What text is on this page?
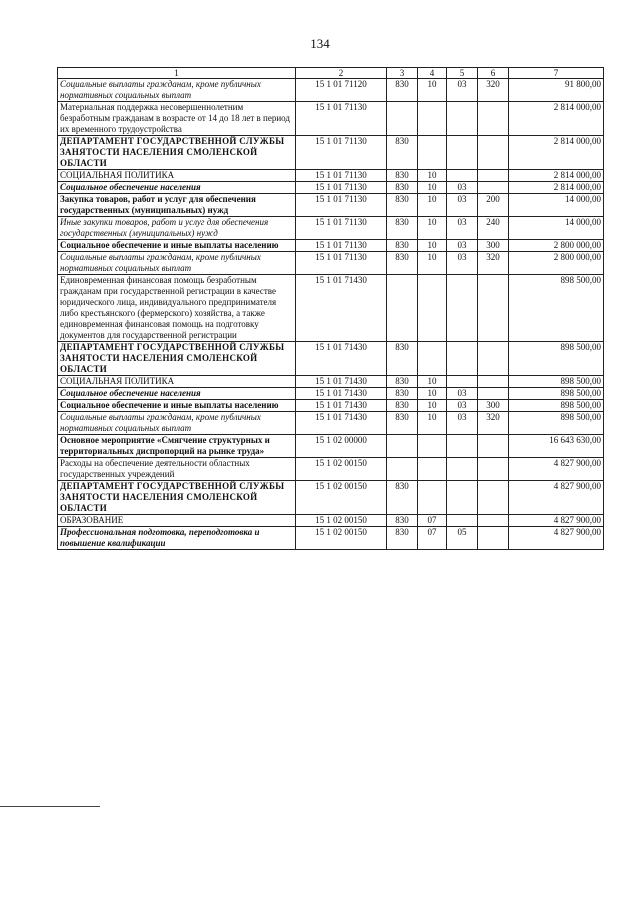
134
1	2	3	4	5	6	7
Социальные выплаты гражданам, кроме публичных нормативных социальных выплат	15 1 01 71120	830	10	03	320	91 800,00
Материальная поддержка несовершеннолетним безработным гражданам в возрасте от 14 до 18 лет в период их временного трудоустройства	15 1 01 71130					2 814 000,00
ДЕПАРТАМЕНТ ГОСУДАРСТВЕННОЙ СЛУЖБЫ ЗАНЯТОСТИ НАСЕЛЕНИЯ СМОЛЕНСКОЙ ОБЛАСТИ	15 1 01 71130	830				2 814 000,00
СОЦИАЛЬНАЯ ПОЛИТИКА	15 1 01 71130	830	10			2 814 000,00
Социальное обеспечение населения	15 1 01 71130	830	10	03		2 814 000,00
Закупка товаров, работ и услуг для обеспечения государственных (муниципальных) нужд	15 1 01 71130	830	10	03	200	14 000,00
Иные закупки товаров, работ и услуг для обеспечения государственных (муниципальных) нужд	15 1 01 71130	830	10	03	240	14 000,00
Социальное обеспечение и иные выплаты населению	15 1 01 71130	830	10	03	300	2 800 000,00
Социальные выплаты гражданам, кроме публичных нормативных социальных выплат	15 1 01 71130	830	10	03	320	2 800 000,00
Единовременная финансовая помощь безработным гражданам при государственной регистрации в качестве юридического лица, индивидуального предпринимателя либо крестьянского (фермерского) хозяйства, а также единовременная финансовая помощь на подготовку документов для государственной регистрации	15 1 01 71430					898 500,00
ДЕПАРТАМЕНТ ГОСУДАРСТВЕННОЙ СЛУЖБЫ ЗАНЯТОСТИ НАСЕЛЕНИЯ СМОЛЕНСКОЙ ОБЛАСТИ	15 1 01 71430	830				898 500,00
СОЦИАЛЬНАЯ ПОЛИТИКА	15 1 01 71430	830	10			898 500,00
Социальное обеспечение населения	15 1 01 71430	830	10	03		898 500,00
Социальное обеспечение и иные выплаты населению	15 1 01 71430	830	10	03	300	898 500,00
Социальные выплаты гражданам, кроме публичных нормативных социальных выплат	15 1 01 71430	830	10	03	320	898 500,00
Основное мероприятие «Смягчение структурных и территориальных диспропорций на рынке труда»	15 1 02 00000					16 643 630,00
Расходы на обеспечение деятельности областных государственных учреждений	15 1 02 00150					4 827 900,00
ДЕПАРТАМЕНТ ГОСУДАРСТВЕННОЙ СЛУЖБЫ ЗАНЯТОСТИ НАСЕЛЕНИЯ СМОЛЕНСКОЙ ОБЛАСТИ	15 1 02 00150	830				4 827 900,00
ОБРАЗОВАНИЕ	15 1 02 00150	830	07			4 827 900,00
Профессиональная подготовка, переподготовка и повышение квалификации	15 1 02 00150	830	07	05		4 827 900,00
